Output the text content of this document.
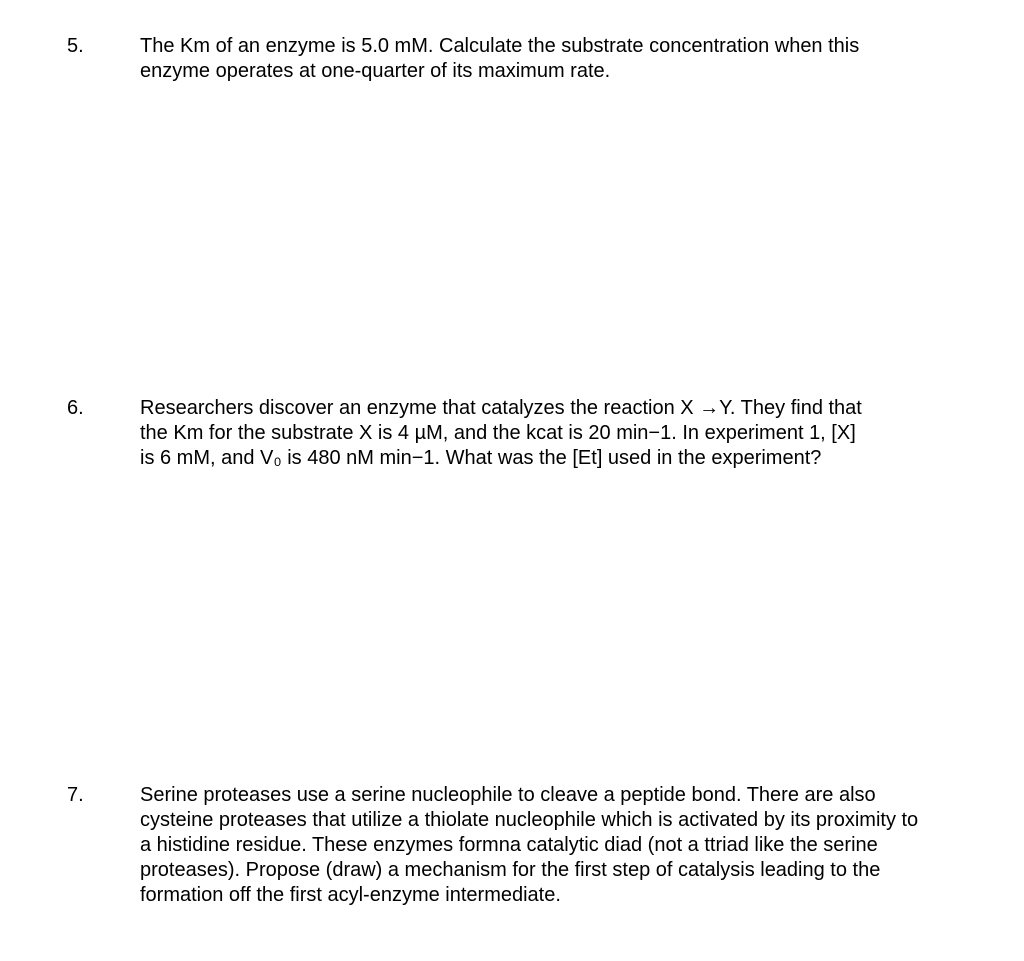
5.	The Km of an enzyme is 5.0 mM. Calculate the substrate concentration when this
enzyme operates at one-quarter of its maximum rate.
6.	Researchers discover an enzyme that catalyzes the reaction X →Y. They find that
the Km for the substrate X is 4 µM, and the kcat is 20 min−1. In experiment 1, [X]
is 6 mM, and V₀ is 480 nM min−1. What was the [Et] used in the experiment?
7.	Serine proteases use a serine nucleophile to cleave a peptide bond. There are also
cysteine proteases that utilize a thiolate nucleophile which is activated by its proximity to
a histidine residue. These enzymes formna catalytic diad (not a ttriad like the serine
proteases). Propose (draw) a mechanism for the first step of catalysis leading to the
formation off the first acyl-enzyme intermediate.
